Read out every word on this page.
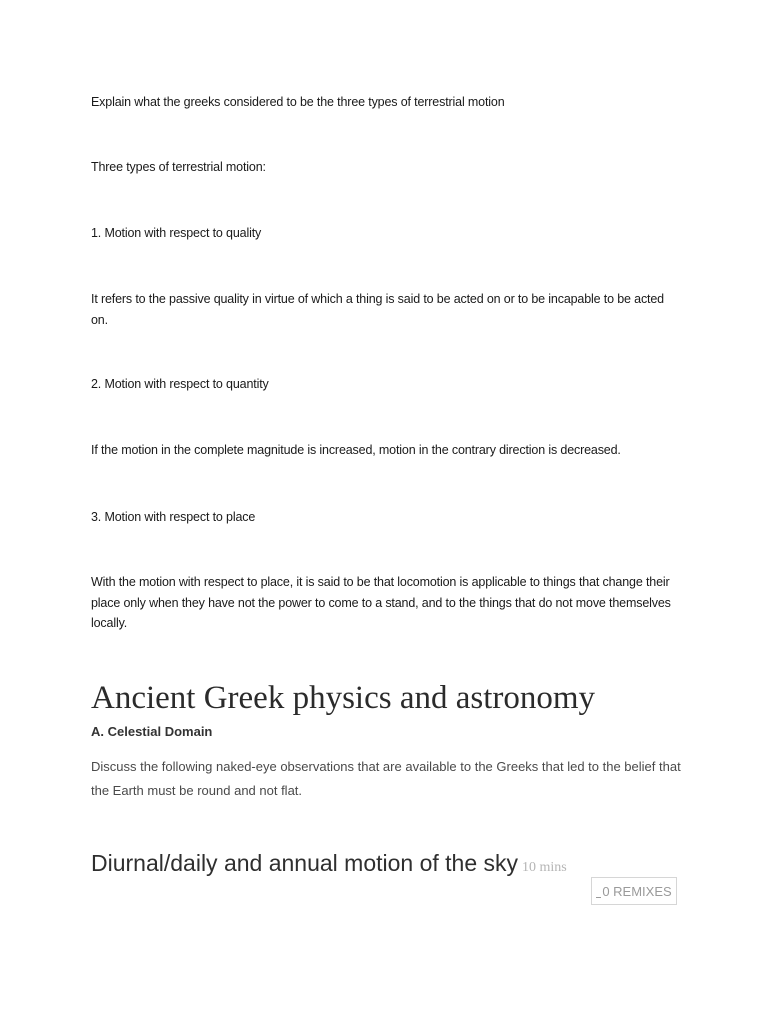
Explain what the greeks considered to be the three types of terrestrial motion

Three types of terrestrial motion:

1. Motion with respect to quality

It refers to the passive quality in virtue of which a thing is said to be acted on or to be incapable to be acted on.

2. Motion with respect to quantity

If the motion in the complete magnitude is increased, motion in the contrary direction is decreased.

3. Motion with respect to place

With the motion with respect to place, it is said to be that locomotion is applicable to things that change their place only when they have not the power to come to a stand, and to the things that do not move themselves locally.

Ancient Greek physics and astronomy
A. Celestial Domain

Discuss the following naked-eye observations that are available to the Greeks that led to the belief that the Earth must be round and not flat.

Diurnal/daily and annual motion of the sky 10 mins
0 REMIXES
